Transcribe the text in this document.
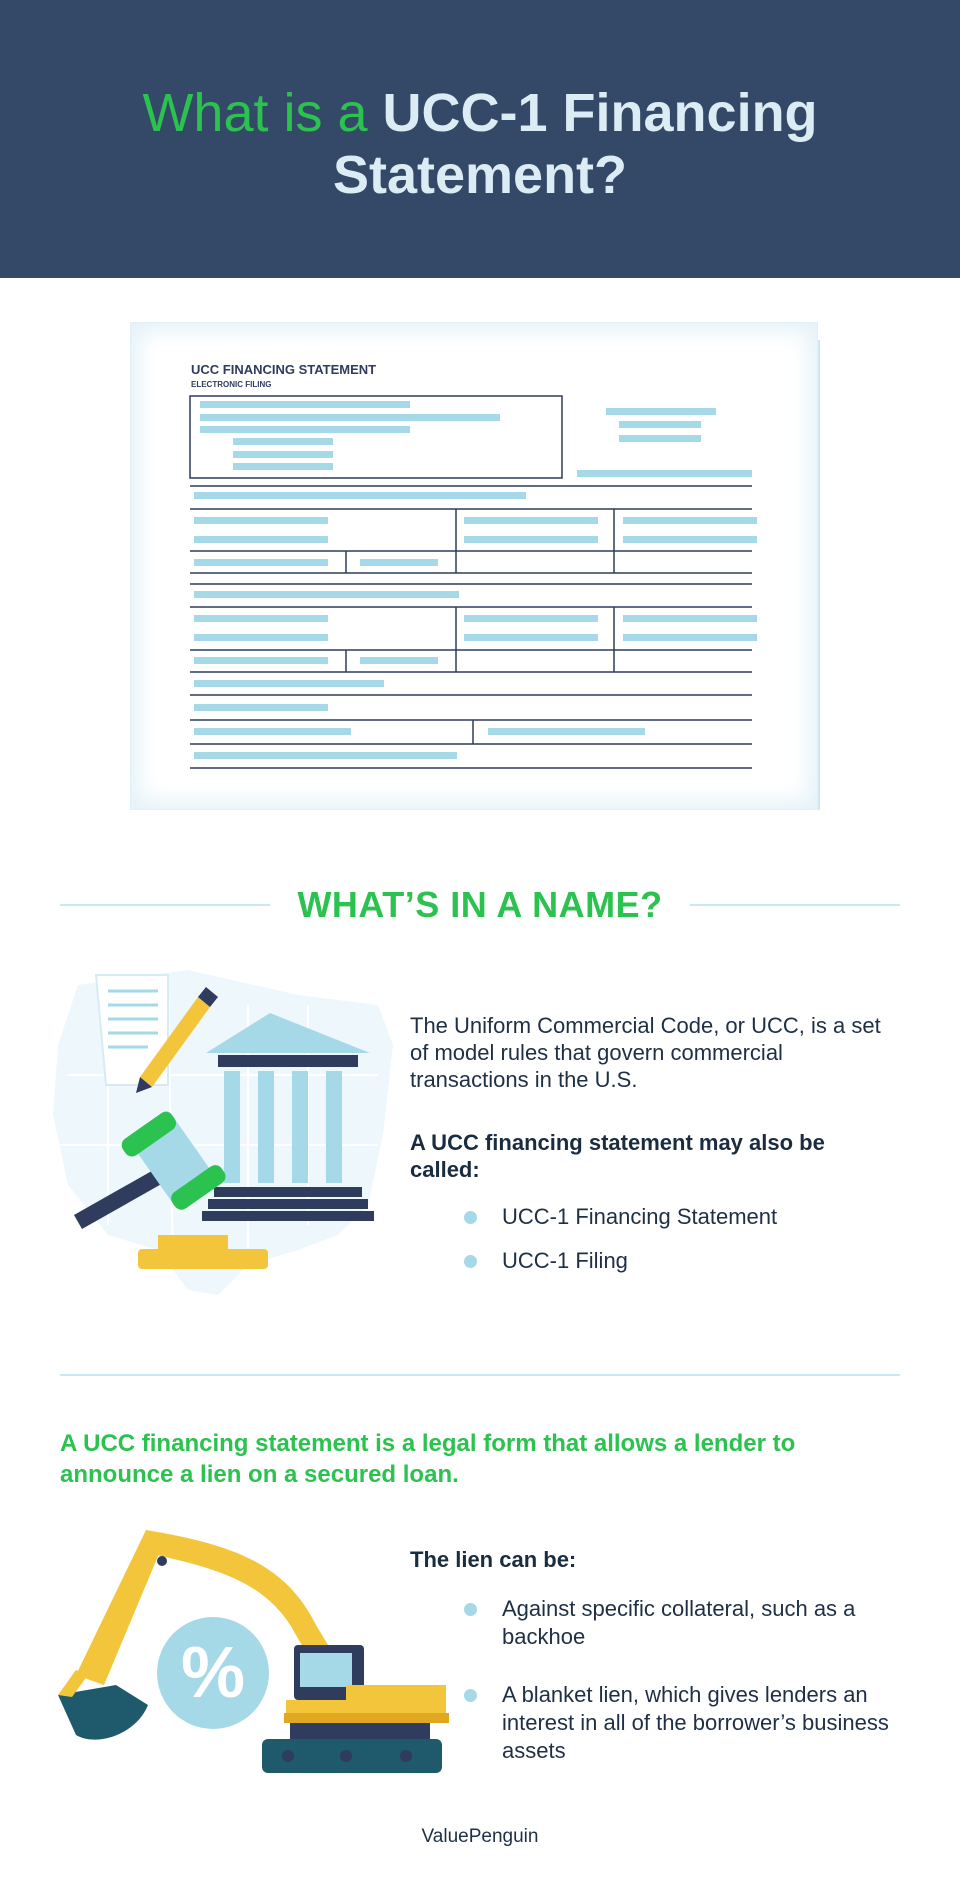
What is a UCC-1 Financing
Statement?
UCC FINANCING STATEMENT
ELECTRONIC FILING
WHAT’S IN A NAME?

The Uniform Commercial Code, or UCC, is a set of model rules that govern commercial transactions in the U.S.

A UCC financing statement may also be called:

UCC-1 Financing Statement
UCC-1 Filing

A UCC financing statement is a legal form that allows a lender to announce a lien on a secured loan.

%

The lien can be:

Against specific collateral, such as a backhoe
A blanket lien, which gives lenders an interest in all of the borrower’s business assets
ValuePenguin
